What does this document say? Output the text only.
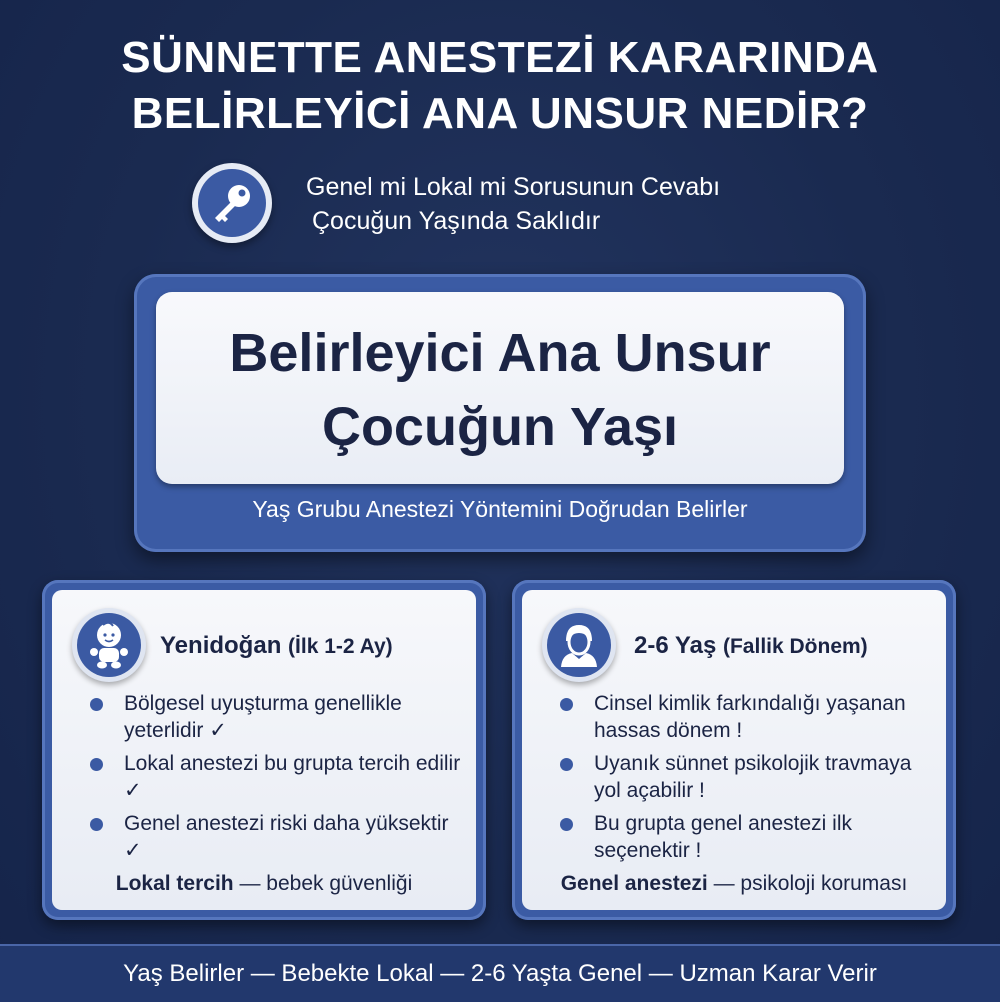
SÜNNETTE ANESTEZİ KARARINDA
BELİRLEYİCİ ANA UNSUR NEDİR?
Genel mi Lokal mi Sorusunun Cevabı
Çocuğun Yaşında Saklıdır
Belirleyici Ana Unsur
Çocuğun Yaşı
Yaş Grubu Anestezi Yöntemini Doğrudan Belirler
Yenidoğan (İlk 1-2 Ay)
Bölgesel uyuşturma genellikle yeterlidir ✓
Lokal anestezi bu grupta tercih edilir ✓
Genel anestezi riski daha yüksektir ✓
Lokal tercih — bebek güvenliği
2-6 Yaş (Fallik Dönem)
Cinsel kimlik farkındalığı yaşanan hassas dönem !
Uyanık sünnet psikolojik travmaya yol açabilir !
Bu grupta genel anestezi ilk seçenektir !
Genel anestezi — psikoloji koruması
Yaş Belirler — Bebekte Lokal — 2-6 Yaşta Genel — Uzman Karar Verir
